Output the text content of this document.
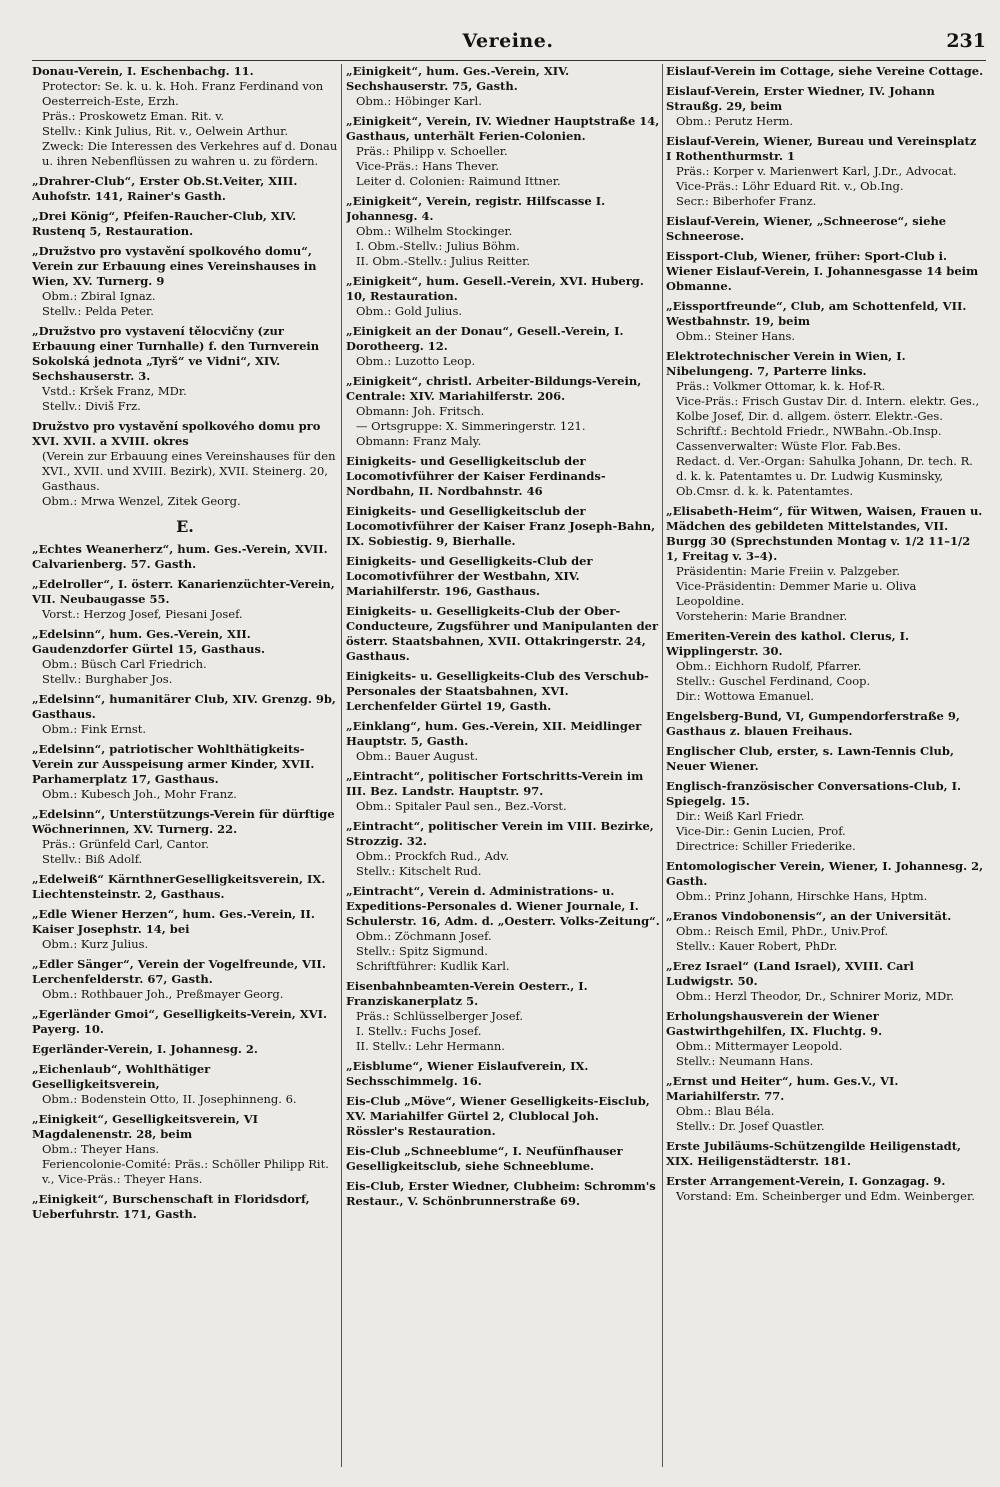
Vereine.	231
Donau-Verein, I. Eschenbachg. 11.
Protector: Se. k. u. k. Hoh. Franz Ferdinand von Oesterreich-Este, Erzh.
Präs.: Proskowetz Eman. Rit. v.
Stellv.: Kink Julius, Rit. v., Oelwein Arthur.
Zweck: Die Interessen des Verkehres auf d. Donau u. ihren Nebenflüssen zu wahren u. zu fördern.
„Drahrer-Club“, Erster Ob.St.Veiter, XIII. Auhofstr. 141, Rainer's Gasth.
„Drei König“, Pfeifen-Raucher-Club, XIV. Rustenq 5, Restauration.
„Družstvo pro vystavění spolkového domu“, Verein zur Erbauung eines Vereinshauses in Wien, XV. Turnerg. 9
Obm.: Zbiral Ignaz.
Stellv.: Pelda Peter.
„Družstvo pro vystavení tělocvičny (zur Erbauung einer Turnhalle) f. den Turnverein Sokolská jednota „Tyrš“ ve Vidni“, XIV. Sechshauserstr. 3.
Vstd.: Kršek Franz, MDr.
Stellv.: Diviš Frz.
Družstvo pro vystavění spolkového domu pro XVI. XVII. a XVIII. okres
(Verein zur Erbauung eines Vereinshauses für den XVI., XVII. und XVIII. Bezirk), XVII. Steinerg. 20, Gasthaus.
Obm.: Mrwa Wenzel, Zitek Georg.
E.
„Echtes Weanerherz“, hum. Ges.-Verein, XVII. Calvarienberg. 57. Gasth.
„Edelroller“, I. österr. Kanarienzüchter-Verein, VII. Neubaugasse 55.
Vorst.: Herzog Josef, Piesani Josef.
„Edelsinn“, hum. Ges.-Verein, XII. Gaudenzdorfer Gürtel 15, Gasthaus.
Obm.: Büsch Carl Friedrich.
Stellv.: Burghaber Jos.
„Edelsinn“, humanitärer Club, XIV. Grenzg. 9b, Gasthaus.
Obm.: Fink Ernst.
„Edelsinn“, patriotischer Wohlthätigkeits-Verein zur Ausspeisung armer Kinder, XVII. Parhamerplatz 17, Gasthaus.
Obm.: Kubesch Joh., Mohr Franz.
„Edelsinn“, Unterstützungs-Verein für dürftige Wöchnerinnen, XV. Turnerg. 22.
Präs.: Grünfeld Carl, Cantor.
Stellv.: Biß Adolf.
„Edelweiß“ KärnthnerGeselligkeitsverein, IX. Liechtensteinstr. 2, Gasthaus.
„Edle Wiener Herzen“, hum. Ges.-Verein, II. Kaiser Josephstr. 14, bei
Obm.: Kurz Julius.
„Edler Sänger“, Verein der Vogelfreunde, VII. Lerchenfelderstr. 67, Gasth.
Obm.: Rothbauer Joh., Preßmayer Georg.
„Egerländer Gmoi“, Geselligkeits-Verein, XVI. Payerg. 10.
Egerländer-Verein, I. Johannesg. 2.
„Eichenlaub“, Wohlthätiger Geselligkeitsverein,
Obm.: Bodenstein Otto, II. Josephinneng. 6.
„Einigkeit“, Geselligkeitsverein, VI Magdalenenstr. 28, beim
Obm.: Theyer Hans.
Feriencolonie-Comité: Präs.: Schöller Philipp Rit. v., Vice-Präs.: Theyer Hans.
„Einigkeit“, Burschenschaft in Floridsdorf, Ueberfuhrstr. 171, Gasth.
„Einigkeit“, hum. Ges.-Verein, XIV. Sechshauserstr. 75, Gasth.
Obm.: Höbinger Karl.
„Einigkeit“, Verein, IV. Wiedner Hauptstraße 14, Gasthaus, unterhält Ferien-Colonien.
Präs.: Philipp v. Schoeller.
Vice-Präs.: Hans Thever.
Leiter d. Colonien: Raimund Ittner.
„Einigkeit“, Verein, registr. Hilfscasse I. Johannesg. 4.
Obm.: Wilhelm Stockinger.
I. Obm.-Stellv.: Julius Böhm.
II. Obm.-Stellv.: Julius Reitter.
„Einigkeit“, hum. Gesell.-Verein, XVI. Huberg. 10, Restauration.
Obm.: Gold Julius.
„Einigkeit an der Donau“, Gesell.-Verein, I. Dorotheerg. 12.
Obm.: Luzotto Leop.
„Einigkeit“, christl. Arbeiter-Bildungs-Verein, Centrale: XIV. Mariahilferstr. 206.
Obmann: Joh. Fritsch.
— Ortsgruppe: X. Simmeringerstr. 121.
Obmann: Franz Maly.
Einigkeits- und Geselligkeitsclub der Locomotivführer der Kaiser Ferdinands-Nordbahn, II. Nordbahnstr. 46
Einigkeits- und Geselligkeitsclub der Locomotivführer der Kaiser Franz Joseph-Bahn, IX. Sobiestig. 9, Bierhalle.
Einigkeits- und Geselligkeits-Club der Locomotivführer der Westbahn, XIV. Mariahilferstr. 196, Gasthaus.
Einigkeits- u. Geselligkeits-Club der Ober-Conducteure, Zugsführer und Manipulanten der österr. Staatsbahnen, XVII. Ottakringerstr. 24, Gasthaus.
Einigkeits- u. Geselligkeits-Club des Verschub-Personales der Staatsbahnen, XVI. Lerchenfelder Gürtel 19, Gasth.
„Einklang“, hum. Ges.-Verein, XII. Meidlinger Hauptstr. 5, Gasth.
Obm.: Bauer August.
„Eintracht“, politischer Fortschritts-Verein im III. Bez. Landstr. Hauptstr. 97.
Obm.: Spitaler Paul sen., Bez.-Vorst.
„Eintracht“, politischer Verein im VIII. Bezirke, Strozzig. 32.
Obm.: Prockfch Rud., Adv.
Stellv.: Kitschelt Rud.
„Eintracht“, Verein d. Administrations- u. Expeditions-Personales d. Wiener Journale, I. Schulerstr. 16, Adm. d. „Oesterr. Volks-Zeitung“.
Obm.: Zöchmann Josef.
Stellv.: Spitz Sigmund.
Schriftführer: Kudlik Karl.
Eisenbahnbeamten-Verein Oesterr., I. Franziskanerplatz 5.
Präs.: Schlüsselberger Josef.
I. Stellv.: Fuchs Josef.
II. Stellv.: Lehr Hermann.
„Eisblume“, Wiener Eislaufverein, IX. Sechsschimmelg. 16.
Eis-Club „Möve“, Wiener Geselligkeits-Eisclub, XV. Mariahilfer Gürtel 2, Clublocal Joh. Rössler's Restauration.
Eis-Club „Schneeblume“, I. Neufünfhauser Geselligkeitsclub, siehe Schneeblume.
Eis-Club, Erster Wiedner, Clubheim: Schromm's Restaur., V. Schönbrunnerstraße 69.
Eislauf-Verein im Cottage, siehe Vereine Cottage.
Eislauf-Verein, Erster Wiedner, IV. Johann Straußg. 29, beim
Obm.: Perutz Herm.
Eislauf-Verein, Wiener, Bureau und Vereinsplatz I Rothenthurmstr. 1
Präs.: Korper v. Marienwert Karl, J.Dr., Advocat.
Vice-Präs.: Löhr Eduard Rit. v., Ob.Ing.
Secr.: Biberhofer Franz.
Eislauf-Verein, Wiener, „Schneerose“, siehe Schneerose.
Eissport-Club, Wiener, früher: Sport-Club i. Wiener Eislauf-Verein, I. Johannesgasse 14 beim Obmanne.
„Eissportfreunde“, Club, am Schottenfeld, VII. Westbahnstr. 19, beim
Obm.: Steiner Hans.
Elektrotechnischer Verein in Wien, I. Nibelungeng. 7, Parterre links.
Präs.: Volkmer Ottomar, k. k. Hof-R.
Vice-Präs.: Frisch Gustav Dir. d. Intern. elektr. Ges., Kolbe Josef, Dir. d. allgem. österr. Elektr.-Ges.
Schriftf.: Bechtold Friedr., NWBahn.-Ob.Insp.
Cassenverwalter: Wüste Flor. Fab.Bes.
Redact. d. Ver.-Organ: Sahulka Johann, Dr. tech. R. d. k. k. Patentamtes u. Dr. Ludwig Kusminsky, Ob.Cmsr. d. k. k. Patentamtes.
„Elisabeth-Heim“, für Witwen, Waisen, Frauen u. Mädchen des gebildeten Mittelstandes, VII. Burgg 30 (Sprechstunden Montag v. 1/2 11–1/2 1, Freitag v. 3–4).
Präsidentin: Marie Freiin v. Palzgeber.
Vice-Präsidentin: Demmer Marie u. Oliva Leopoldine.
Vorsteherin: Marie Brandner.
Emeriten-Verein des kathol. Clerus, I. Wipplingerstr. 30.
Obm.: Eichhorn Rudolf, Pfarrer.
Stellv.: Guschel Ferdinand, Coop.
Dir.: Wottowa Emanuel.
Engelsberg-Bund, VI, Gumpendorferstraße 9, Gasthaus z. blauen Freihaus.
Englischer Club, erster, s. Lawn-Tennis Club, Neuer Wiener.
Englisch-französischer Conversations-Club, I. Spiegelg. 15.
Dir.: Weiß Karl Friedr.
Vice-Dir.: Genin Lucien, Prof.
Directrice: Schiller Friederike.
Entomologischer Verein, Wiener, I. Johannesg. 2, Gasth.
Obm.: Prinz Johann, Hirschke Hans, Hptm.
„Eranos Vindobonensis“, an der Universität.
Obm.: Reisch Emil, PhDr., Univ.Prof.
Stellv.: Kauer Robert, PhDr.
„Erez Israel“ (Land Israel), XVIII. Carl Ludwigstr. 50.
Obm.: Herzl Theodor, Dr., Schnirer Moriz, MDr.
Erholungshausverein der Wiener Gastwirthgehilfen, IX. Fluchtg. 9.
Obm.: Mittermayer Leopold.
Stellv.: Neumann Hans.
„Ernst und Heiter“, hum. Ges.V., VI. Mariahilferstr. 77.
Obm.: Blau Béla.
Stellv.: Dr. Josef Quastler.
Erste Jubiläums-Schützengilde Heiligenstadt, XIX. Heiligenstädterstr. 181.
Erster Arrangement-Verein, I. Gonzagag. 9.
Vorstand: Em. Scheinberger und Edm. Weinberger.
